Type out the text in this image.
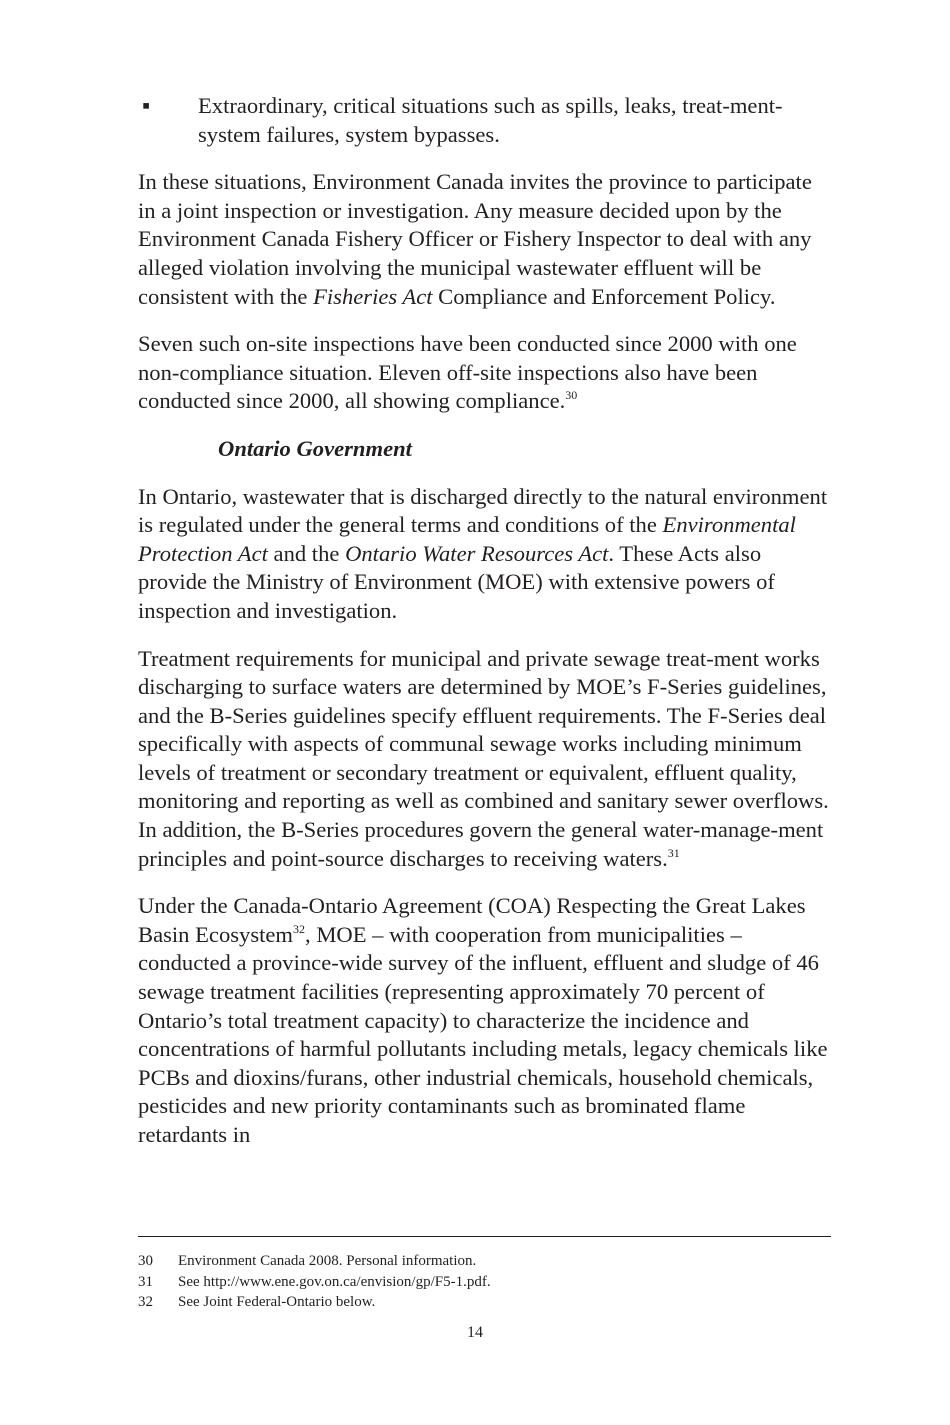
▪ Extraordinary, critical situations such as spills, leaks, treat-ment-system failures, system bypasses.

In these situations, Environment Canada invites the province to participate in a joint inspection or investigation. Any measure decided upon by the Environment Canada Fishery Officer or Fishery Inspector to deal with any alleged violation involving the municipal wastewater effluent will be consistent with the Fisheries Act Compliance and Enforcement Policy.

Seven such on-site inspections have been conducted since 2000 with one non-compliance situation. Eleven off-site inspections also have been conducted since 2000, all showing compliance.$^{30}$

Ontario Government

In Ontario, wastewater that is discharged directly to the natural environment is regulated under the general terms and conditions of the Environmental Protection Act and the Ontario Water Resources Act. These Acts also provide the Ministry of Environment (MOE) with extensive powers of inspection and investigation.

Treatment requirements for municipal and private sewage treat-ment works discharging to surface waters are determined by MOE’s F-Series guidelines, and the B-Series guidelines specify effluent requirements. The F-Series deal specifically with aspects of communal sewage works including minimum levels of treatment or secondary treatment or equivalent, effluent quality, monitoring and reporting as well as combined and sanitary sewer overflows. In addition, the B-Series procedures govern the general water-manage-ment principles and point-source discharges to receiving waters.$^{31}$

Under the Canada-Ontario Agreement (COA) Respecting the Great Lakes Basin Ecosystem$^{32}$, MOE – with cooperation from municipalities – conducted a province-wide survey of the influent, effluent and sludge of 46 sewage treatment facilities (representing approximately 70 percent of Ontario’s total treatment capacity) to characterize the incidence and concentrations of harmful pollutants including metals, legacy chemicals like PCBs and dioxins/furans, other industrial chemicals, household chemicals, pesticides and new priority contaminants such as brominated flame retardants in

30	Environment Canada 2008. Personal information.
31	See http://www.ene.gov.on.ca/envision/gp/F5-1.pdf.
32	See Joint Federal-Ontario below.
14
